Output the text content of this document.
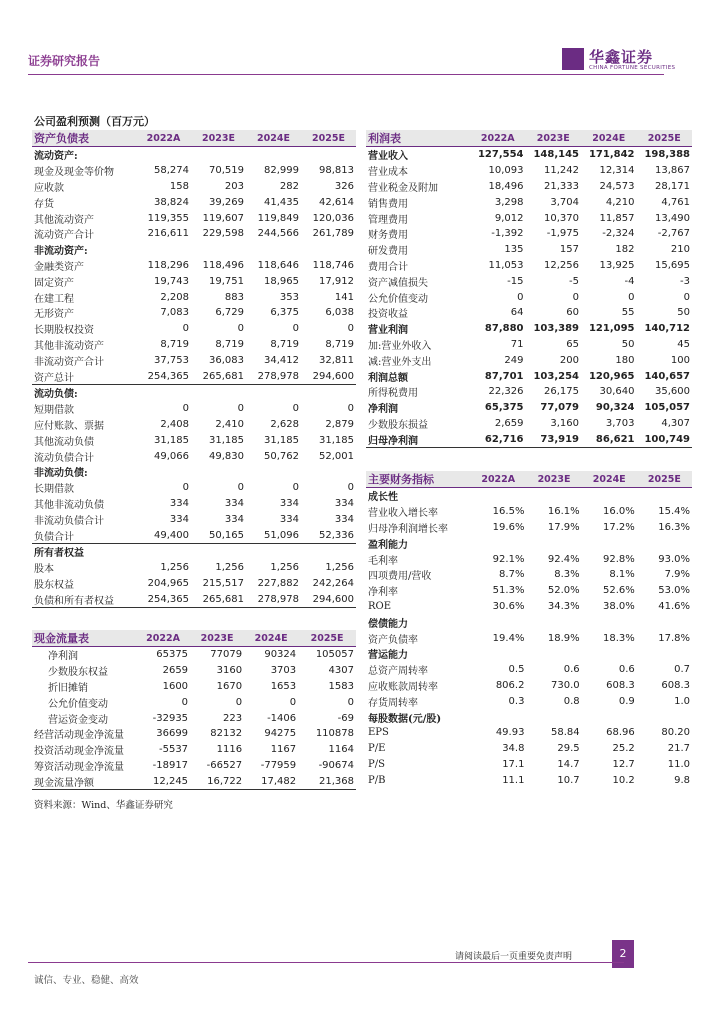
证券研究报告	华鑫证券
CHINA FORTUNE SECURITIES
公司盈利预测（百万元）
资产负债表	2022A	2023E	2024E	2025E
流动资产:				
现金及现金等价物	58,274	70,519	82,999	98,813
应收款	158	203	282	326
存货	38,824	39,269	41,435	42,614
其他流动资产	119,355	119,607	119,849	120,036
流动资产合计	216,611	229,598	244,566	261,789
非流动资产:				
金融类资产	118,296	118,496	118,646	118,746
固定资产	19,743	19,751	18,965	17,912
在建工程	2,208	883	353	141
无形资产	7,083	6,729	6,375	6,038
长期股权投资	0	0	0	0
其他非流动资产	8,719	8,719	8,719	8,719
非流动资产合计	37,753	36,083	34,412	32,811
资产总计	254,365	265,681	278,978	294,600
流动负债:				
短期借款	0	0	0	0
应付账款、票据	2,408	2,410	2,628	2,879
其他流动负债	31,185	31,185	31,185	31,185
流动负债合计	49,066	49,830	50,762	52,001
非流动负债:				
长期借款	0	0	0	0
其他非流动负债	334	334	334	334
非流动负债合计	334	334	334	334
负债合计	49,400	50,165	51,096	52,336
所有者权益				
股本	1,256	1,256	1,256	1,256
股东权益	204,965	215,517	227,882	242,264
负债和所有者权益	254,365	265,681	278,978	294,600
利润表	2022A	2023E	2024E	2025E
营业收入	127,554	148,145	171,842	198,388
营业成本	10,093	11,242	12,314	13,867
营业税金及附加	18,496	21,333	24,573	28,171
销售费用	3,298	3,704	4,210	4,761
管理费用	9,012	10,370	11,857	13,490
财务费用	-1,392	-1,975	-2,324	-2,767
研发费用	135	157	182	210
费用合计	11,053	12,256	13,925	15,695
资产减值损失	-15	-5	-4	-3
公允价值变动	0	0	0	0
投资收益	64	60	55	50
营业利润	87,880	103,389	121,095	140,712
加:营业外收入	71	65	50	45
减:营业外支出	249	200	180	100
利润总额	87,701	103,254	120,965	140,657
所得税费用	22,326	26,175	30,640	35,600
净利润	65,375	77,079	90,324	105,057
少数股东损益	2,659	3,160	3,703	4,307
归母净利润	62,716	73,919	86,621	100,749
主要财务指标	2022A	2023E	2024E	2025E
成长性				
营业收入增长率	16.5%	16.1%	16.0%	15.4%
归母净利润增长率	19.6%	17.9%	17.2%	16.3%
盈利能力				
毛利率	92.1%	92.4%	92.8%	93.0%
四项费用/营收	8.7%	8.3%	8.1%	7.9%
净利率	51.3%	52.0%	52.6%	53.0%
ROE	30.6%	34.3%	38.0%	41.6%
偿债能力				
资产负债率	19.4%	18.9%	18.3%	17.8%
营运能力				
总资产周转率	0.5	0.6	0.6	0.7
应收账款周转率	806.2	730.0	608.3	608.3
存货周转率	0.3	0.8	0.9	1.0
每股数据(元/股)				
EPS	49.93	58.84	68.96	80.20
P/E	34.8	29.5	25.2	21.7
P/S	17.1	14.7	12.7	11.0
P/B	11.1	10.7	10.2	9.8
现金流量表	2022A	2023E	2024E	2025E
净利润	65375	77079	90324	105057
少数股东权益	2659	3160	3703	4307
折旧摊销	1600	1670	1653	1583
公允价值变动	0	0	0	0
营运资金变动	-32935	223	-1406	-69
经营活动现金净流量	36699	82132	94275	110878
投资活动现金净流量	-5537	1116	1167	1164
筹资活动现金净流量	-18917	-66527	-77959	-90674
现金流量净额	12,245	16,722	17,482	21,368
资料来源：Wind、华鑫证券研究
请阅读最后一页重要免责声明	2
诚信、专业、稳健、高效
